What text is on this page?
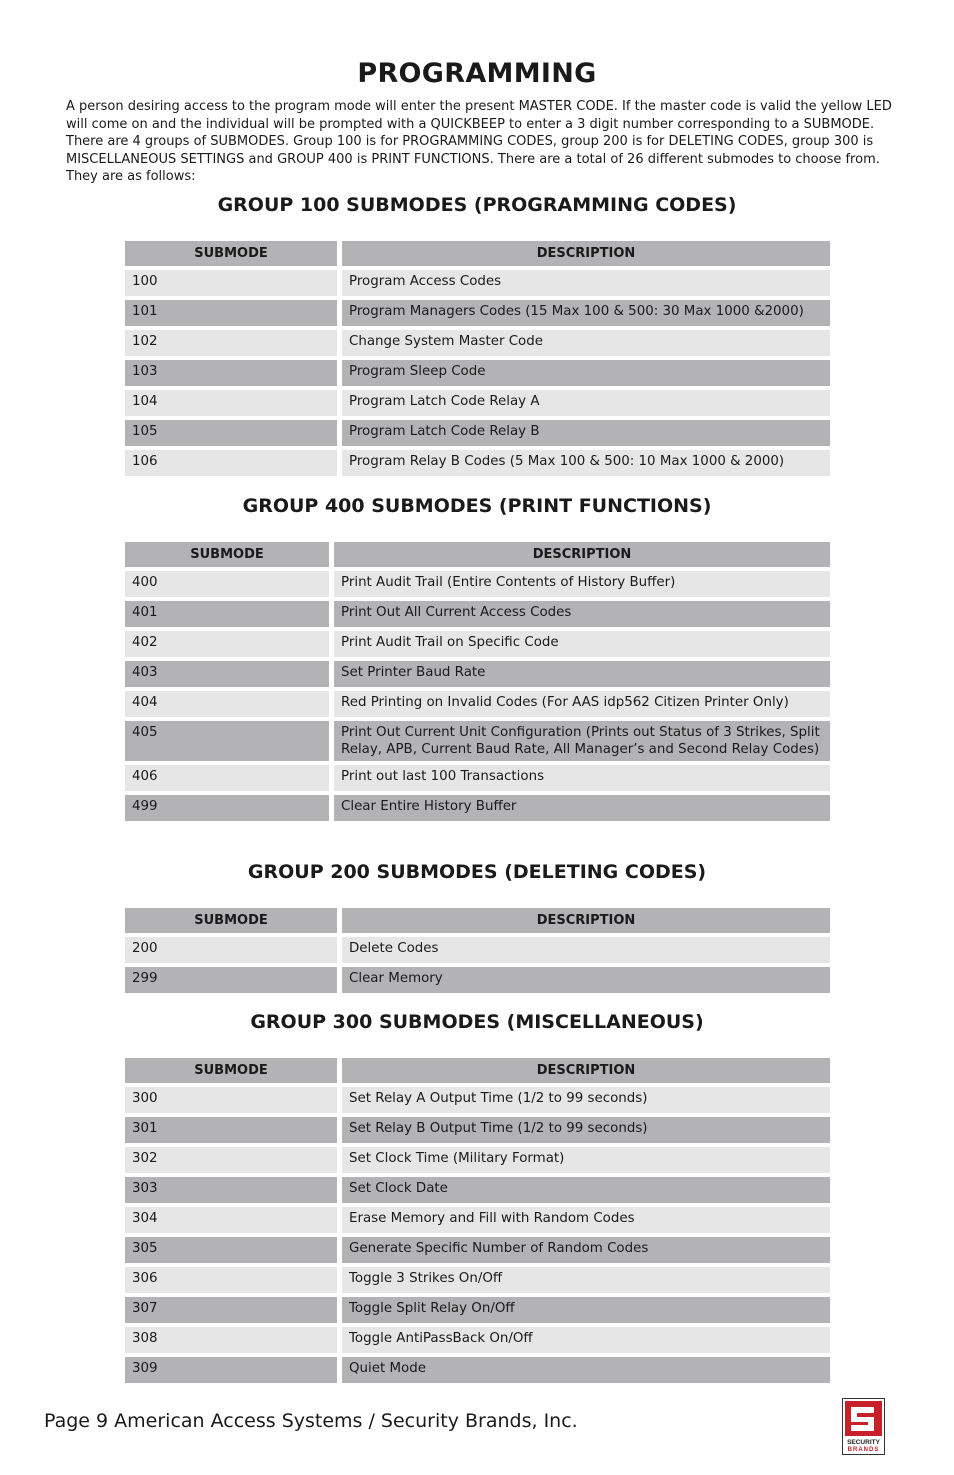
PROGRAMMING

A person desiring access to the program mode will enter the present MASTER CODE. If the master code is valid the yellow LED will come on and the individual will be prompted with a QUICKBEEP to enter a 3 digit number corresponding to a SUBMODE. There are 4 groups of SUBMODES. Group 100 is for PROGRAMMING CODES, group 200 is for DELETING CODES, group 300 is MISCELLANEOUS SETTINGS and GROUP 400 is PRINT FUNCTIONS. There are a total of 26 different submodes to choose from. They are as follows:

GROUP 100 SUBMODES (PROGRAMMING CODES)
SUBMODE	DESCRIPTION
100	Program Access Codes
101	Program Managers Codes (15 Max 100 & 500: 30 Max 1000 &2000)
102	Change System Master Code
103	Program Sleep Code
104	Program Latch Code Relay A
105	Program Latch Code Relay B
106	Program Relay B Codes (5 Max 100 & 500: 10 Max 1000 & 2000)
GROUP 400 SUBMODES (PRINT FUNCTIONS)
SUBMODE	DESCRIPTION
400	Print Audit Trail (Entire Contents of History Buffer)
401	Print Out All Current Access Codes
402	Print Audit Trail on Specific Code
403	Set Printer Baud Rate
404	Red Printing on Invalid Codes (For AAS idp562 Citizen Printer Only)
405	Print Out Current Unit Configuration (Prints out Status of 3 Strikes, Split Relay, APB, Current Baud Rate, All Manager’s and Second Relay Codes)
406	Print out last 100 Transactions
499	Clear Entire History Buffer
GROUP 200 SUBMODES (DELETING CODES)
SUBMODE	DESCRIPTION
200	Delete Codes
299	Clear Memory
GROUP 300 SUBMODES (MISCELLANEOUS)
SUBMODE	DESCRIPTION
300	Set Relay A Output Time (1/2 to 99 seconds)
301	Set Relay B Output Time (1/2 to 99 seconds)
302	Set Clock Time (Military Format)
303	Set Clock Date
304	Erase Memory and Fill with Random Codes
305	Generate Specific Number of Random Codes
306	Toggle 3 Strikes On/Off
307	Toggle Split Relay On/Off
308	Toggle AntiPassBack On/Off
309	Quiet Mode

Page 9 American Access Systems / Security Brands, Inc.

SECURITY
BRANDS
